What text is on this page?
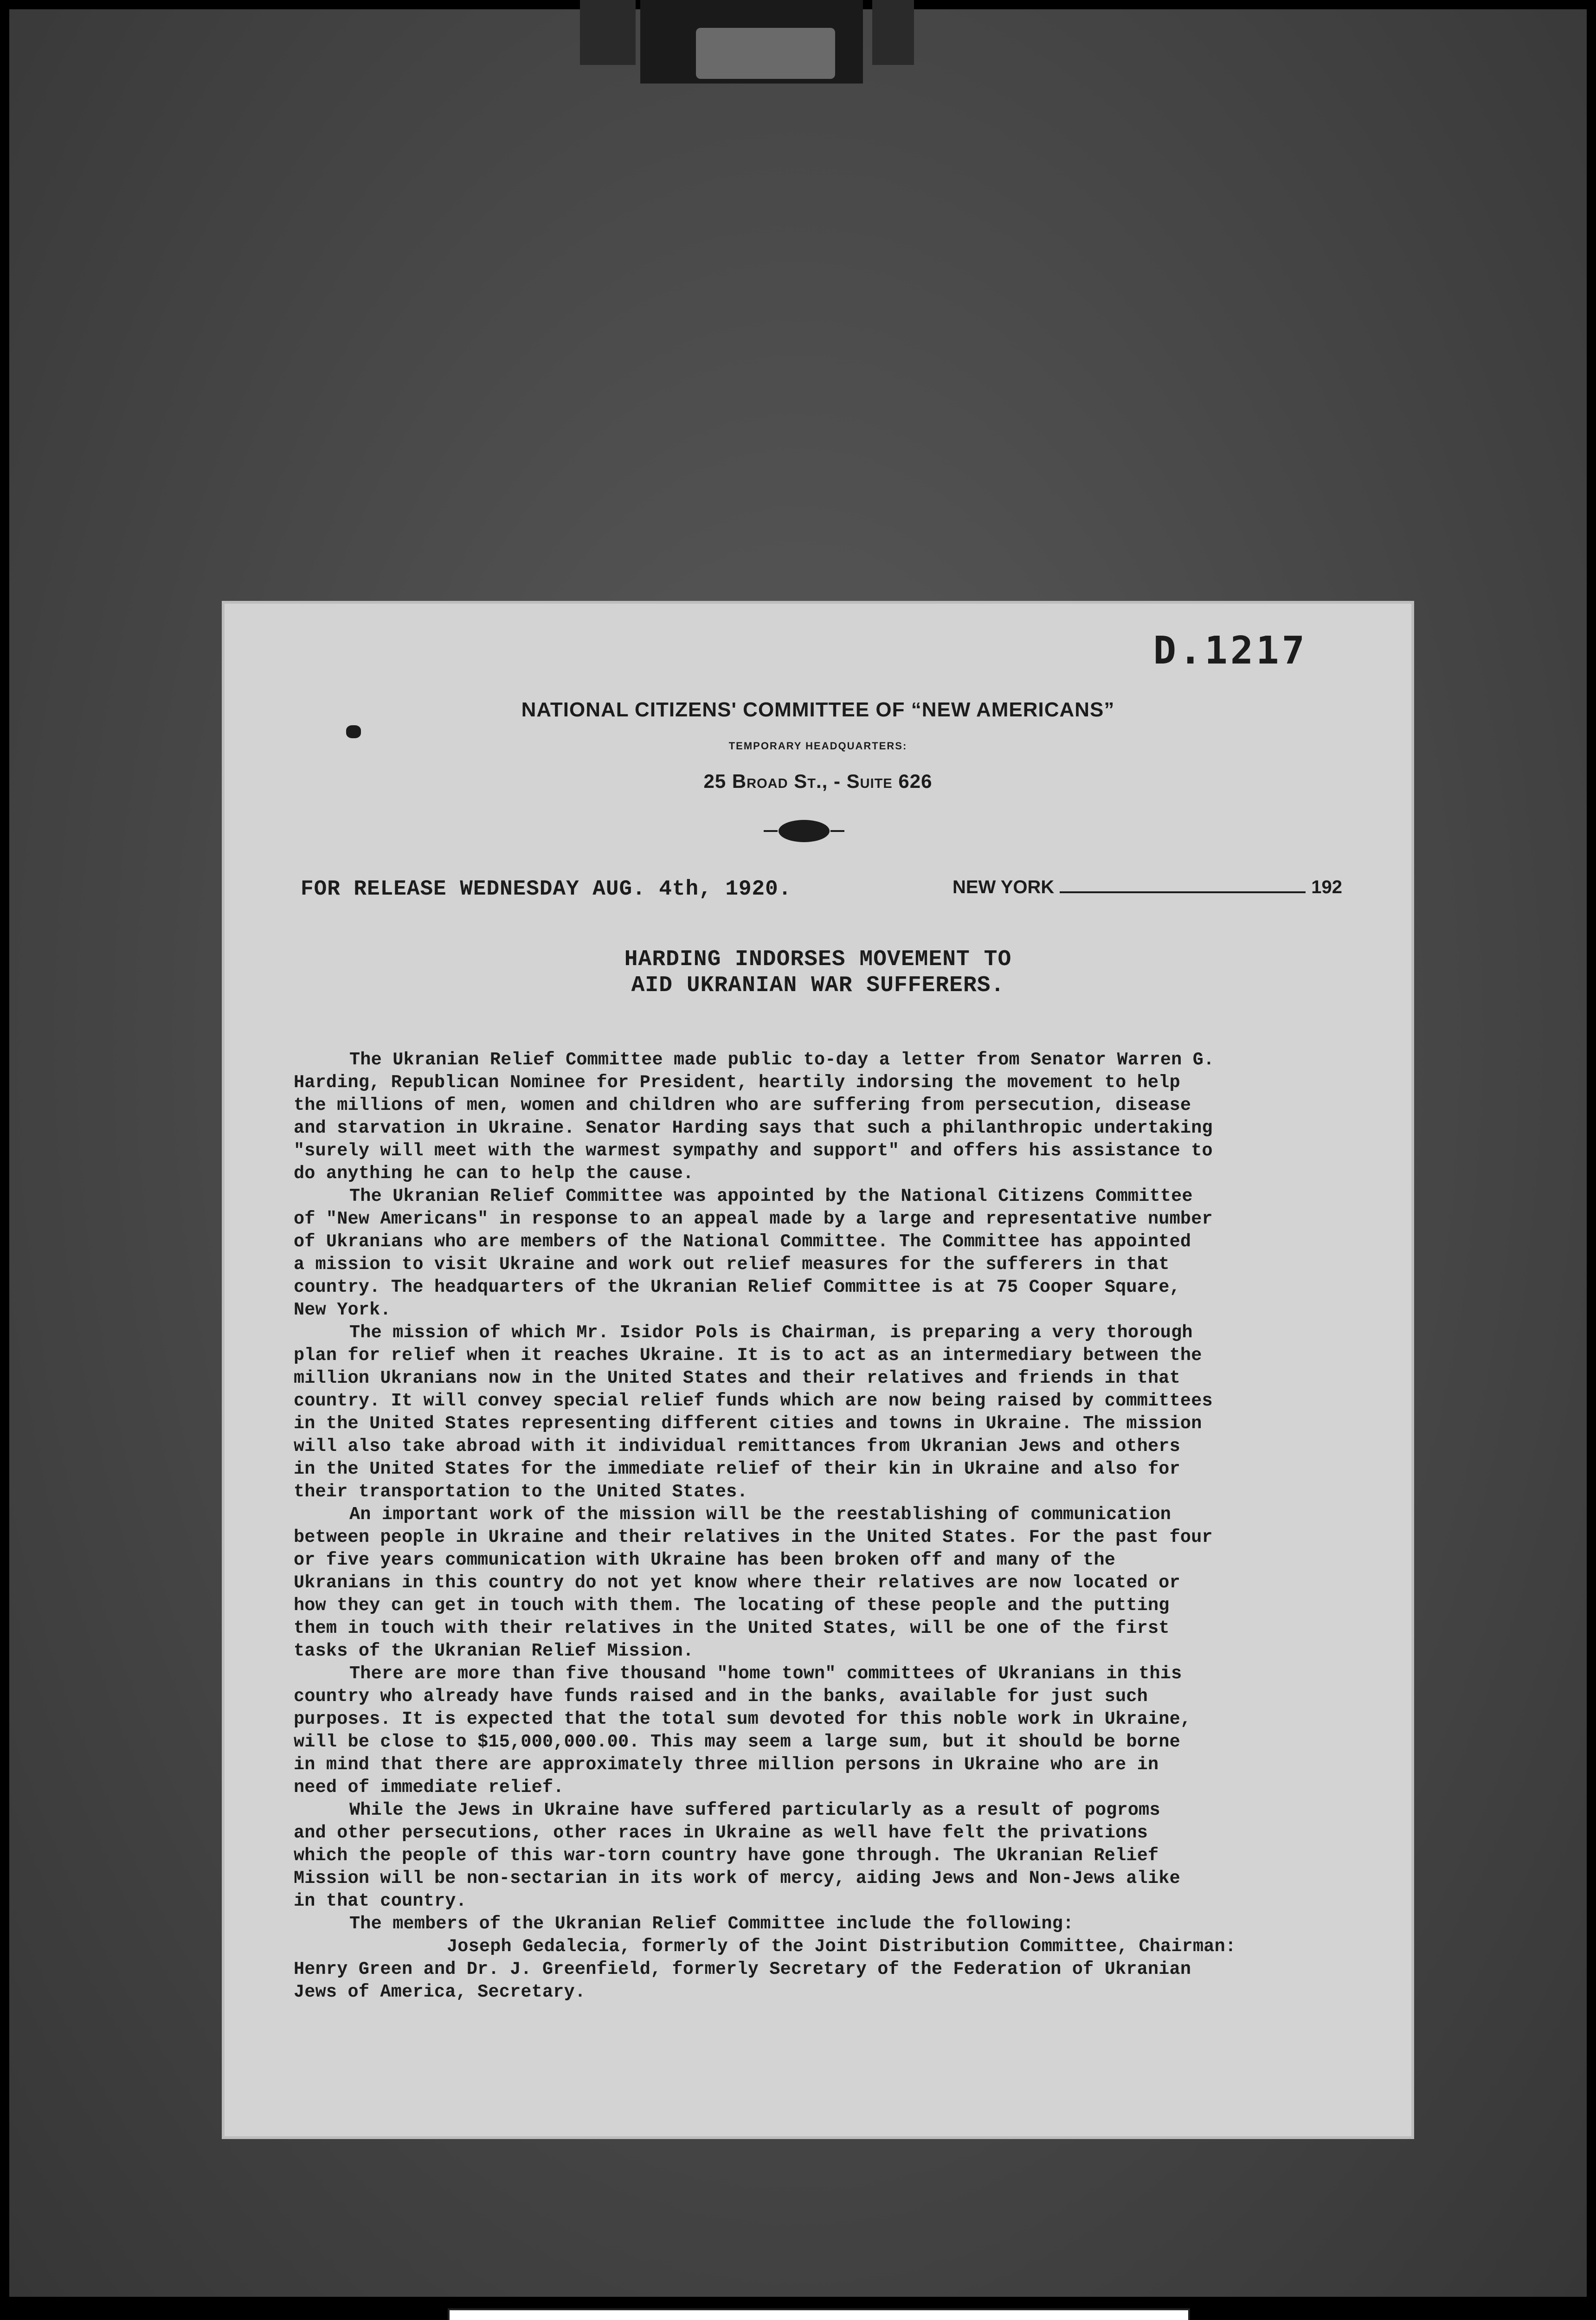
D.1217
NATIONAL CITIZENS' COMMITTEE OF “NEW AMERICANS”
TEMPORARY HEADQUARTERS:
25 Broad St., - Suite 626
FOR RELEASE WEDNESDAY AUG. 4th, 1920.	NEW YORK	192
HARDING INDORSES MOVEMENT TO
AID UKRANIAN WAR SUFFERERS.

The Ukranian Relief Committee made public to-day a letter from Senator Warren G.

Harding, Republican Nominee for President, heartily indorsing the movement to help

the millions of men, women and children who are suffering from persecution, disease

and starvation in Ukraine. Senator Harding says that such a philanthropic undertaking

"surely will meet with the warmest sympathy and support" and offers his assistance to

do anything he can to help the cause.

The Ukranian Relief Committee was appointed by the National Citizens Committee

of "New Americans" in response to an appeal made by a large and representative number

of Ukranians who are members of the National Committee. The Committee has appointed

a mission to visit Ukraine and work out relief measures for the sufferers in that

country. The headquarters of the Ukranian Relief Committee is at 75 Cooper Square,

New York.

The mission of which Mr. Isidor Pols is Chairman, is preparing a very thorough

plan for relief when it reaches Ukraine. It is to act as an intermediary between the

million Ukranians now in the United States and their relatives and friends in that

country. It will convey special relief funds which are now being raised by committees

in the United States representing different cities and towns in Ukraine. The mission

will also take abroad with it individual remittances from Ukranian Jews and others

in the United States for the immediate relief of their kin in Ukraine and also for

their transportation to the United States.

An important work of the mission will be the reestablishing of communication

between people in Ukraine and their relatives in the United States. For the past four

or five years communication with Ukraine has been broken off and many of the

Ukranians in this country do not yet know where their relatives are now located or

how they can get in touch with them. The locating of these people and the putting

them in touch with their relatives in the United States, will be one of the first

tasks of the Ukranian Relief Mission.

There are more than five thousand "home town" committees of Ukranians in this

country who already have funds raised and in the banks, available for just such

purposes. It is expected that the total sum devoted for this noble work in Ukraine,

will be close to $15,000,000.00. This may seem a large sum, but it should be borne

in mind that there are approximately three million persons in Ukraine who are in

need of immediate relief.

While the Jews in Ukraine have suffered particularly as a result of pogroms

and other persecutions, other races in Ukraine as well have felt the privations

which the people of this war-torn country have gone through. The Ukranian Relief

Mission will be non-sectarian in its work of mercy, aiding Jews and Non-Jews alike

in that country.

The members of the Ukranian Relief Committee include the following:

Joseph Gedalecia, formerly of the Joint Distribution Committee, Chairman:

Henry Green and Dr. J. Greenfield, formerly Secretary of the Federation of Ukranian

Jews of America, Secretary.
